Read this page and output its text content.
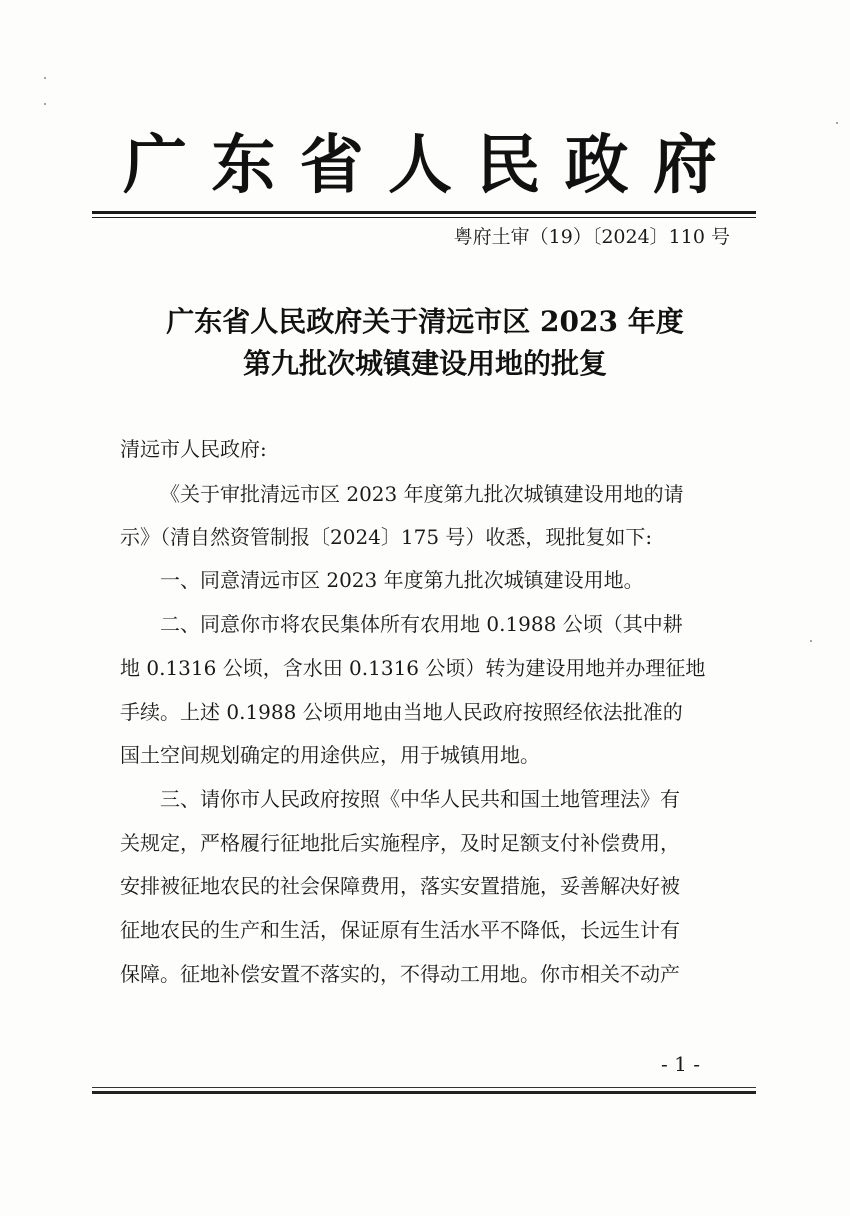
广 东 省 人 民 政 府
粤府土审（19）〔2024〕110 号
广东省人民政府关于清远市区 2023 年度
第九批次城镇建设用地的批复
清远市人民政府:
《关于审批清远市区 2023 年度第九批次城镇建设用地的请
示》（清自然资管制报〔2024〕175 号）收悉，现批复如下:
一、同意清远市区 2023 年度第九批次城镇建设用地。
二、同意你市将农民集体所有农用地 0.1988 公顷（其中耕
地 0.1316 公顷，含水田 0.1316 公顷）转为建设用地并办理征地
手续。上述 0.1988 公顷用地由当地人民政府按照经依法批准的
国土空间规划确定的用途供应，用于城镇用地。
三、请你市人民政府按照《中华人民共和国土地管理法》有
关规定，严格履行征地批后实施程序，及时足额支付补偿费用，
安排被征地农民的社会保障费用，落实安置措施，妥善解决好被
征地农民的生产和生活，保证原有生活水平不降低，长远生计有
保障。征地补偿安置不落实的，不得动工用地。你市相关不动产
- 1 -
